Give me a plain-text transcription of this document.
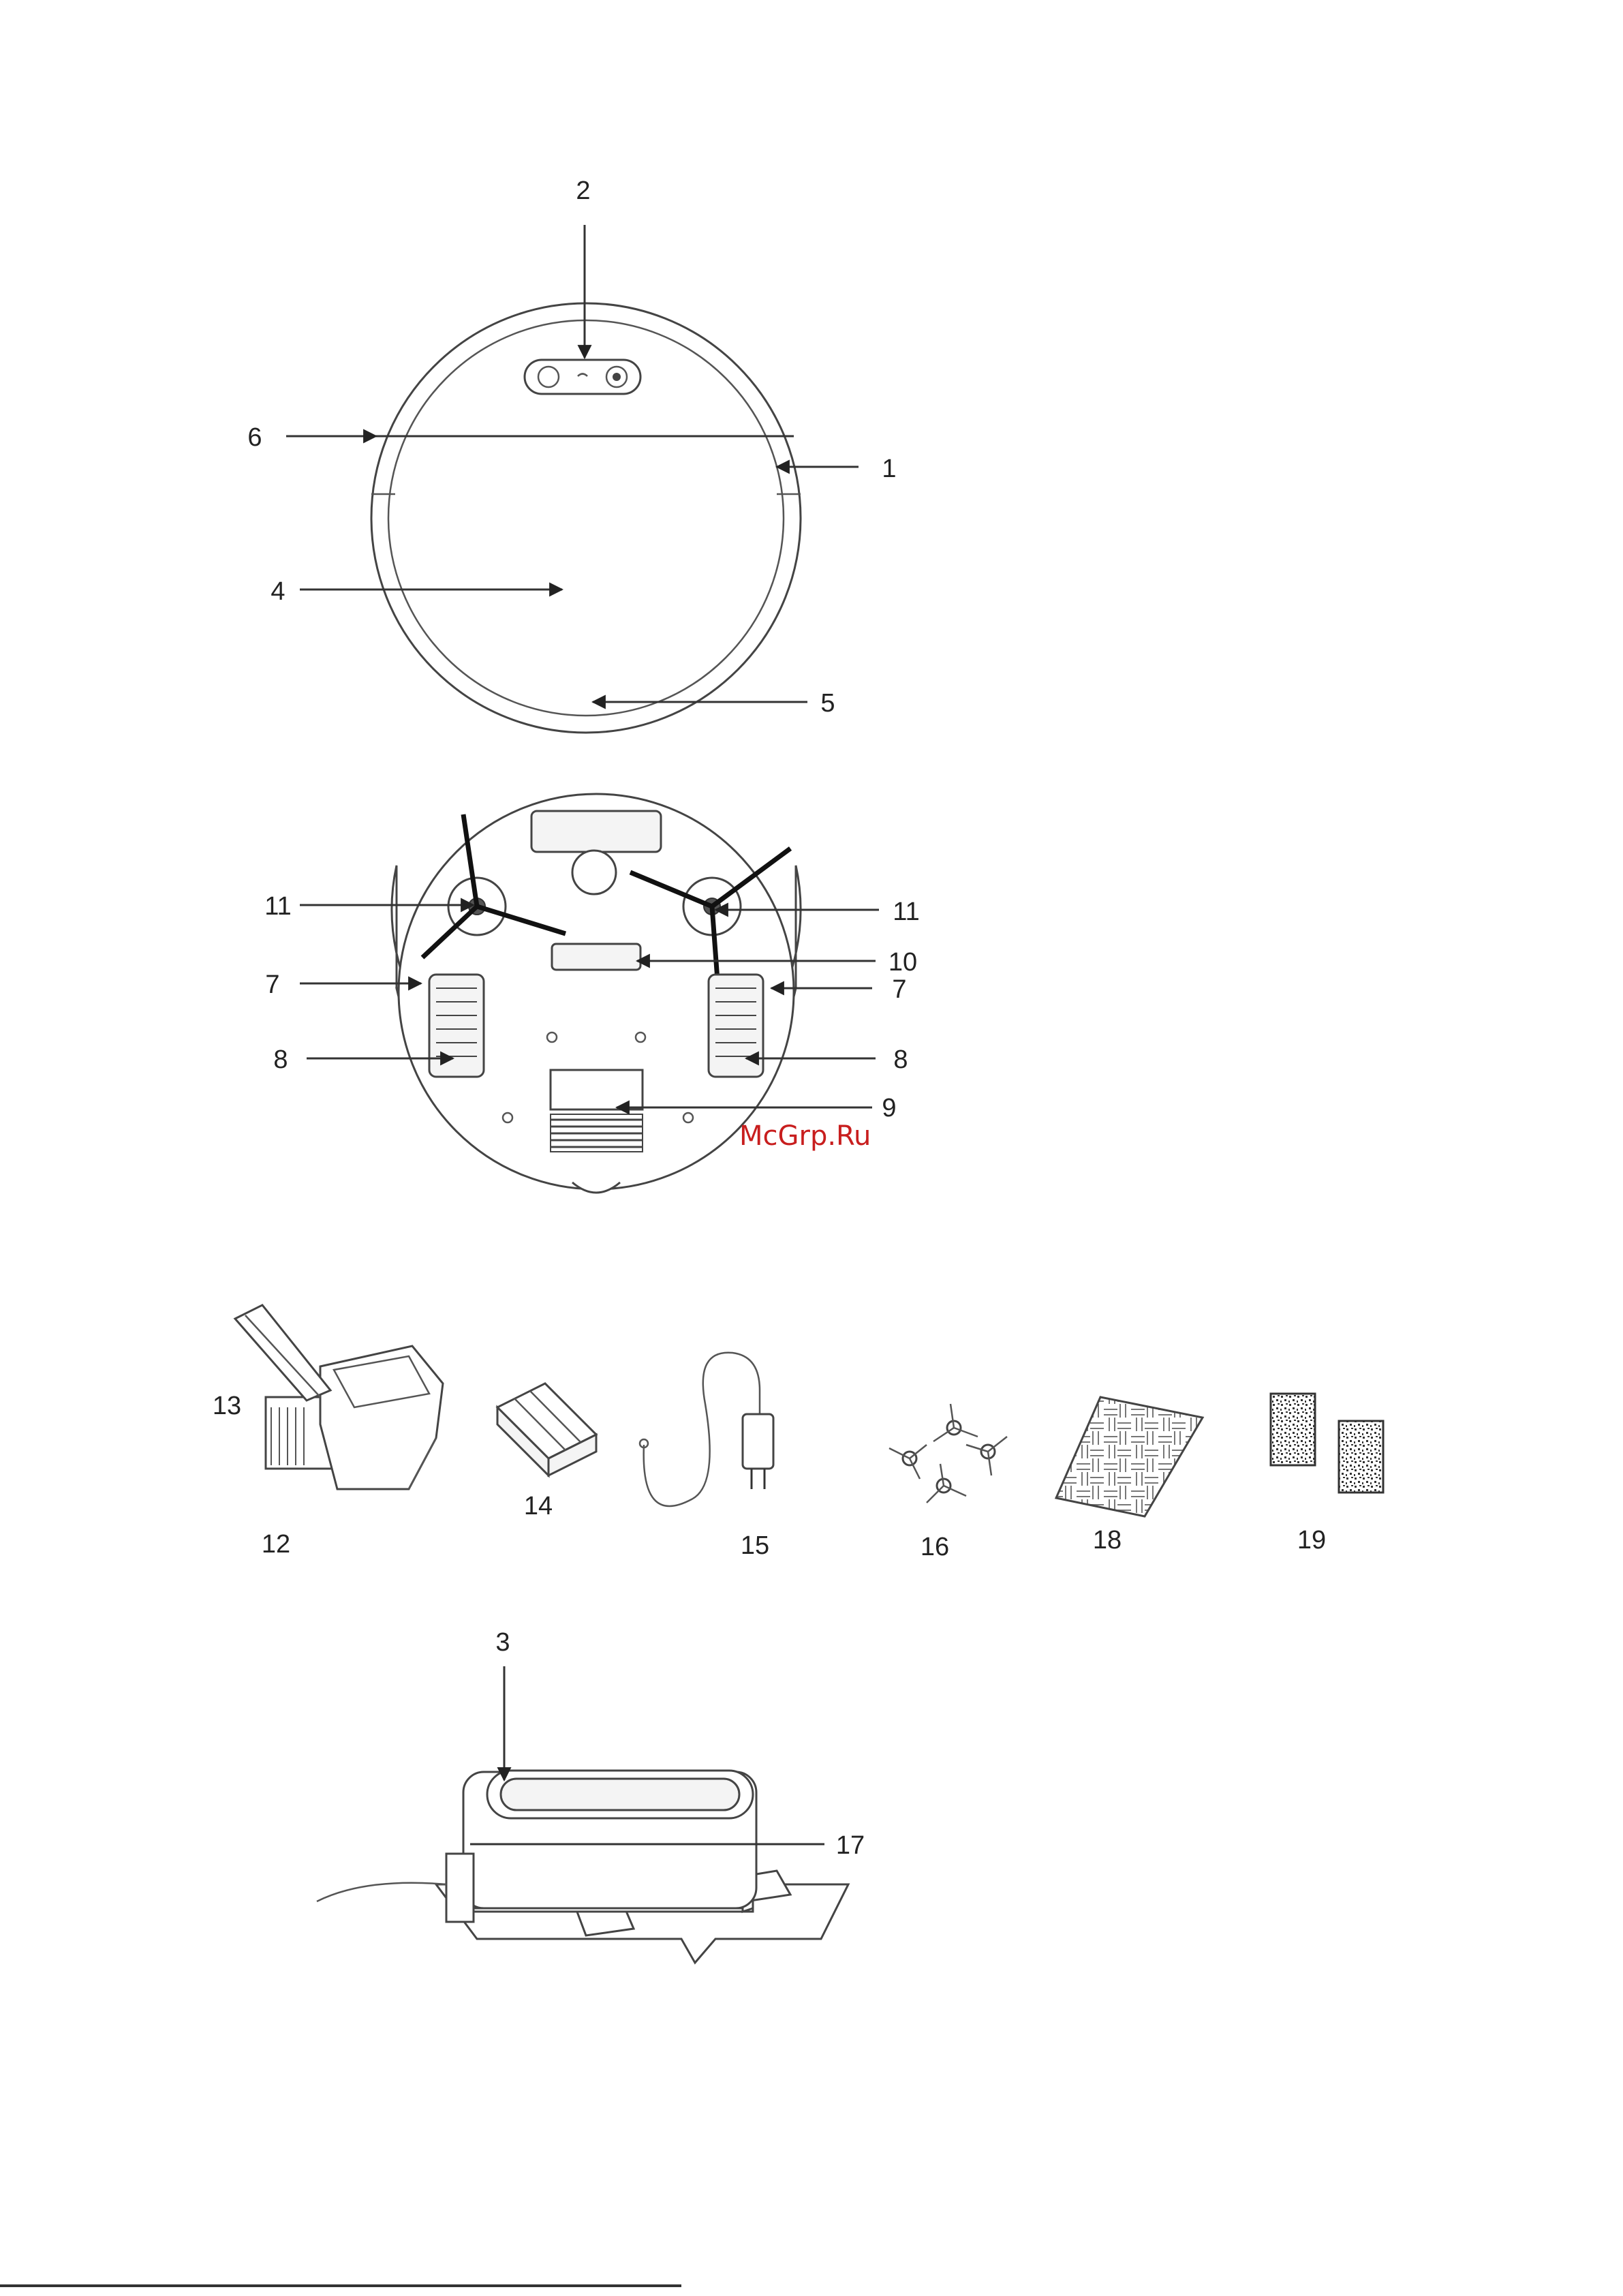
2
6
1
4
5
11	11
10
7	7
8	8
9
McGrp.Ru
13
12
14
15	16	18	19
3
17
